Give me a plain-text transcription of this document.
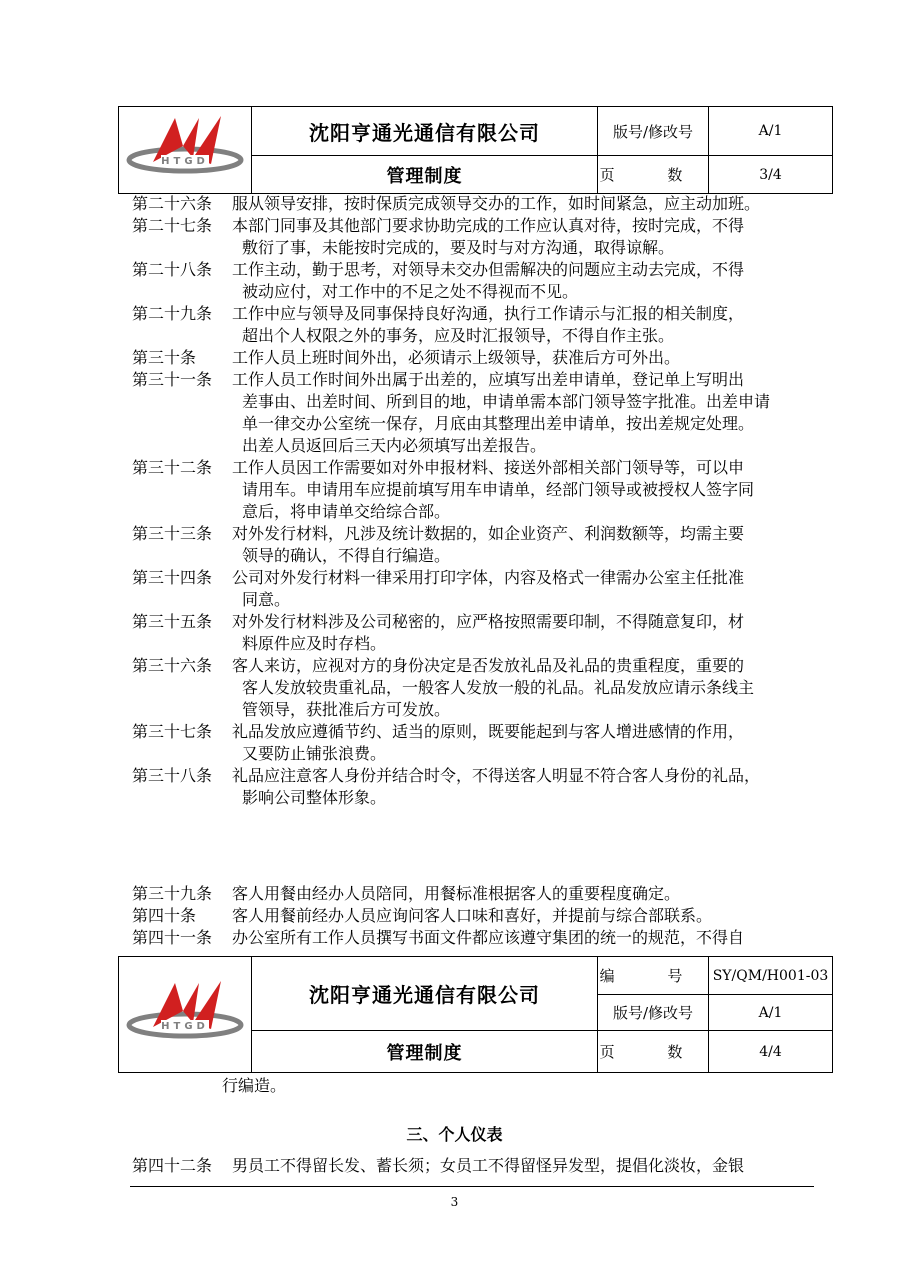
HTGD	沈阳亨通光通信有限公司	版号/修改号	A/1
	管理制度	页 数	3/4
第二十六条	服从领导安排，按时保质完成领导交办的工作，如时间紧急，应主动加班。
第二十七条	本部门同事及其他部门要求协助完成的工作应认真对待，按时完成，不得
敷衍了事，未能按时完成的，要及时与对方沟通，取得谅解。
第二十八条	工作主动，勤于思考，对领导未交办但需解决的问题应主动去完成，不得
被动应付，对工作中的不足之处不得视而不见。
第二十九条	工作中应与领导及同事保持良好沟通，执行工作请示与汇报的相关制度，
超出个人权限之外的事务，应及时汇报领导，不得自作主张。
第三十条	工作人员上班时间外出，必须请示上级领导，获准后方可外出。
第三十一条	工作人员工作时间外出属于出差的，应填写出差申请单，登记单上写明出
差事由、出差时间、所到目的地，申请单需本部门领导签字批准。出差申请
单一律交办公室统一保存，月底由其整理出差申请单，按出差规定处理。
出差人员返回后三天内必须填写出差报告。
第三十二条	工作人员因工作需要如对外申报材料、接送外部相关部门领导等，可以申
请用车。申请用车应提前填写用车申请单，经部门领导或被授权人签字同
意后，将申请单交给综合部。
第三十三条	对外发行材料，凡涉及统计数据的，如企业资产、利润数额等，均需主要
领导的确认，不得自行编造。
第三十四条	公司对外发行材料一律采用打印字体，内容及格式一律需办公室主任批准
同意。
第三十五条	对外发行材料涉及公司秘密的，应严格按照需要印制，不得随意复印，材
料原件应及时存档。
第三十六条	客人来访，应视对方的身份决定是否发放礼品及礼品的贵重程度，重要的
客人发放较贵重礼品，一般客人发放一般的礼品。礼品发放应请示条线主
管领导，获批准后方可发放。
第三十七条	礼品发放应遵循节约、适当的原则，既要能起到与客人增进感情的作用，
又要防止铺张浪费。
第三十八条	礼品应注意客人身份并结合时令，不得送客人明显不符合客人身份的礼品，
影响公司整体形象。
第三十九条	客人用餐由经办人员陪同，用餐标准根据客人的重要程度确定。
第四十条	客人用餐前经办人员应询问客人口味和喜好，并提前与综合部联系。
第四十一条	办公室所有工作人员撰写书面文件都应该遵守集团的统一的规范，不得自
HTGD	沈阳亨通光通信有限公司	编 号	SY/QM/H001-03
		版号/修改号	A/1
	管理制度	页 数	4/4
行编造。
三、个人仪表
第四十二条	男员工不得留长发、蓄长须；女员工不得留怪异发型，提倡化淡妆，金银
3
